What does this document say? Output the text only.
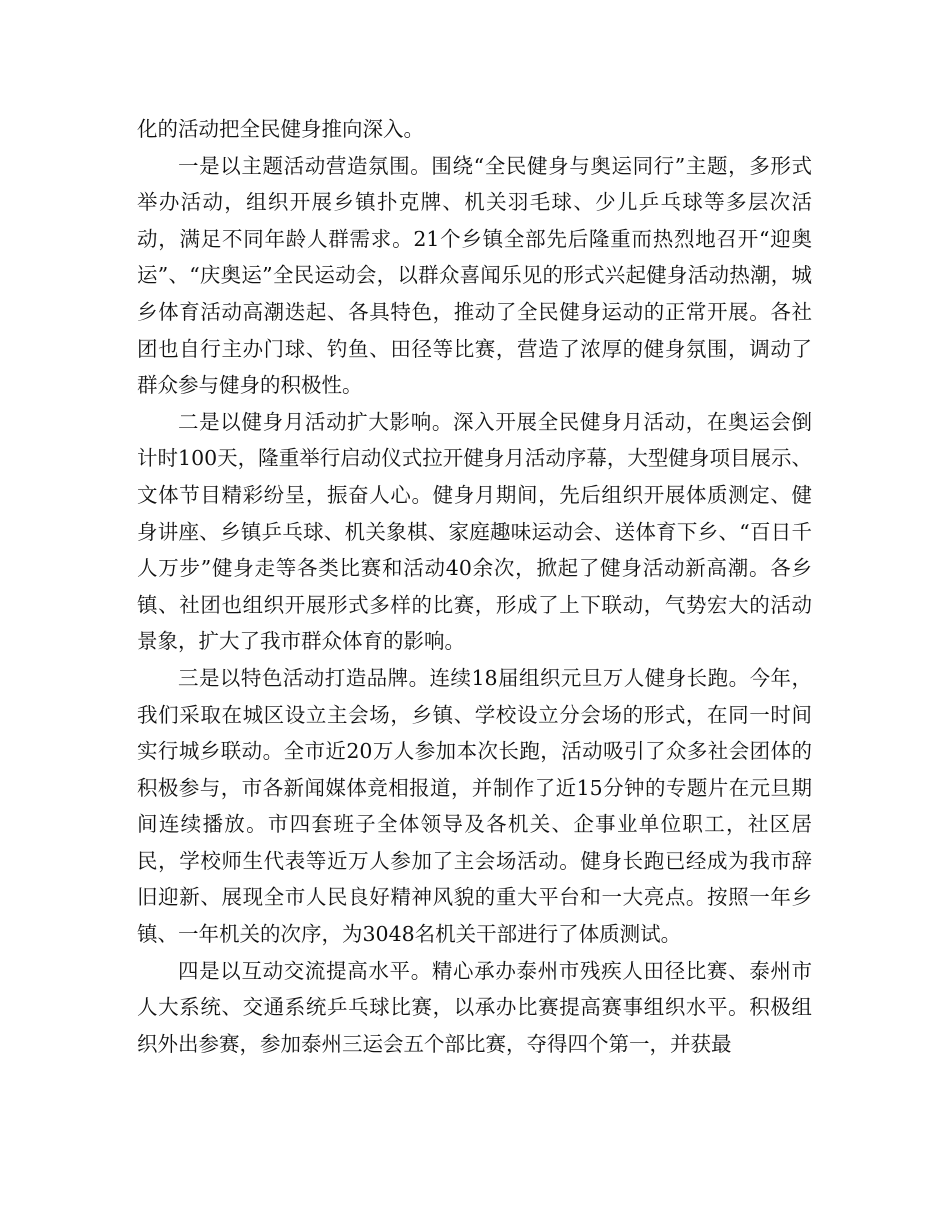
化的活动把全民健身推向深入。

一是以主题活动营造氛围。围绕“全民健身与奥运同行”主题，多形式举办活动，组织开展乡镇扑克牌、机关羽毛球、少儿乒乓球等多层次活动，满足不同年龄人群需求。21个乡镇全部先后隆重而热烈地召开“迎奥运”、“庆奥运”全民运动会，以群众喜闻乐见的形式兴起健身活动热潮，城乡体育活动高潮迭起、各具特色，推动了全民健身运动的正常开展。各社团也自行主办门球、钓鱼、田径等比赛，营造了浓厚的健身氛围，调动了群众参与健身的积极性。

二是以健身月活动扩大影响。深入开展全民健身月活动，在奥运会倒计时100天，隆重举行启动仪式拉开健身月活动序幕，大型健身项目展示、文体节目精彩纷呈，振奋人心。健身月期间，先后组织开展体质测定、健身讲座、乡镇乒乓球、机关象棋、家庭趣味运动会、送体育下乡、“百日千人万步”健身走等各类比赛和活动40余次，掀起了健身活动新高潮。各乡镇、社团也组织开展形式多样的比赛，形成了上下联动，气势宏大的活动景象，扩大了我市群众体育的影响。

三是以特色活动打造品牌。连续18届组织元旦万人健身长跑。今年，我们采取在城区设立主会场，乡镇、学校设立分会场的形式，在同一时间实行城乡联动。全市近20万人参加本次长跑，活动吸引了众多社会团体的积极参与，市各新闻媒体竞相报道，并制作了近15分钟的专题片在元旦期间连续播放。市四套班子全体领导及各机关、企事业单位职工，社区居民，学校师生代表等近万人参加了主会场活动。健身长跑已经成为我市辞旧迎新、展现全市人民良好精神风貌的重大平台和一大亮点。按照一年乡镇、一年机关的次序，为3048名机关干部进行了体质测试。

四是以互动交流提高水平。精心承办泰州市残疾人田径比赛、泰州市人大系统、交通系统乒乓球比赛，以承办比赛提高赛事组织水平。积极组织外出参赛，参加泰州三运会五个部比赛，夺得四个第一，并获最
